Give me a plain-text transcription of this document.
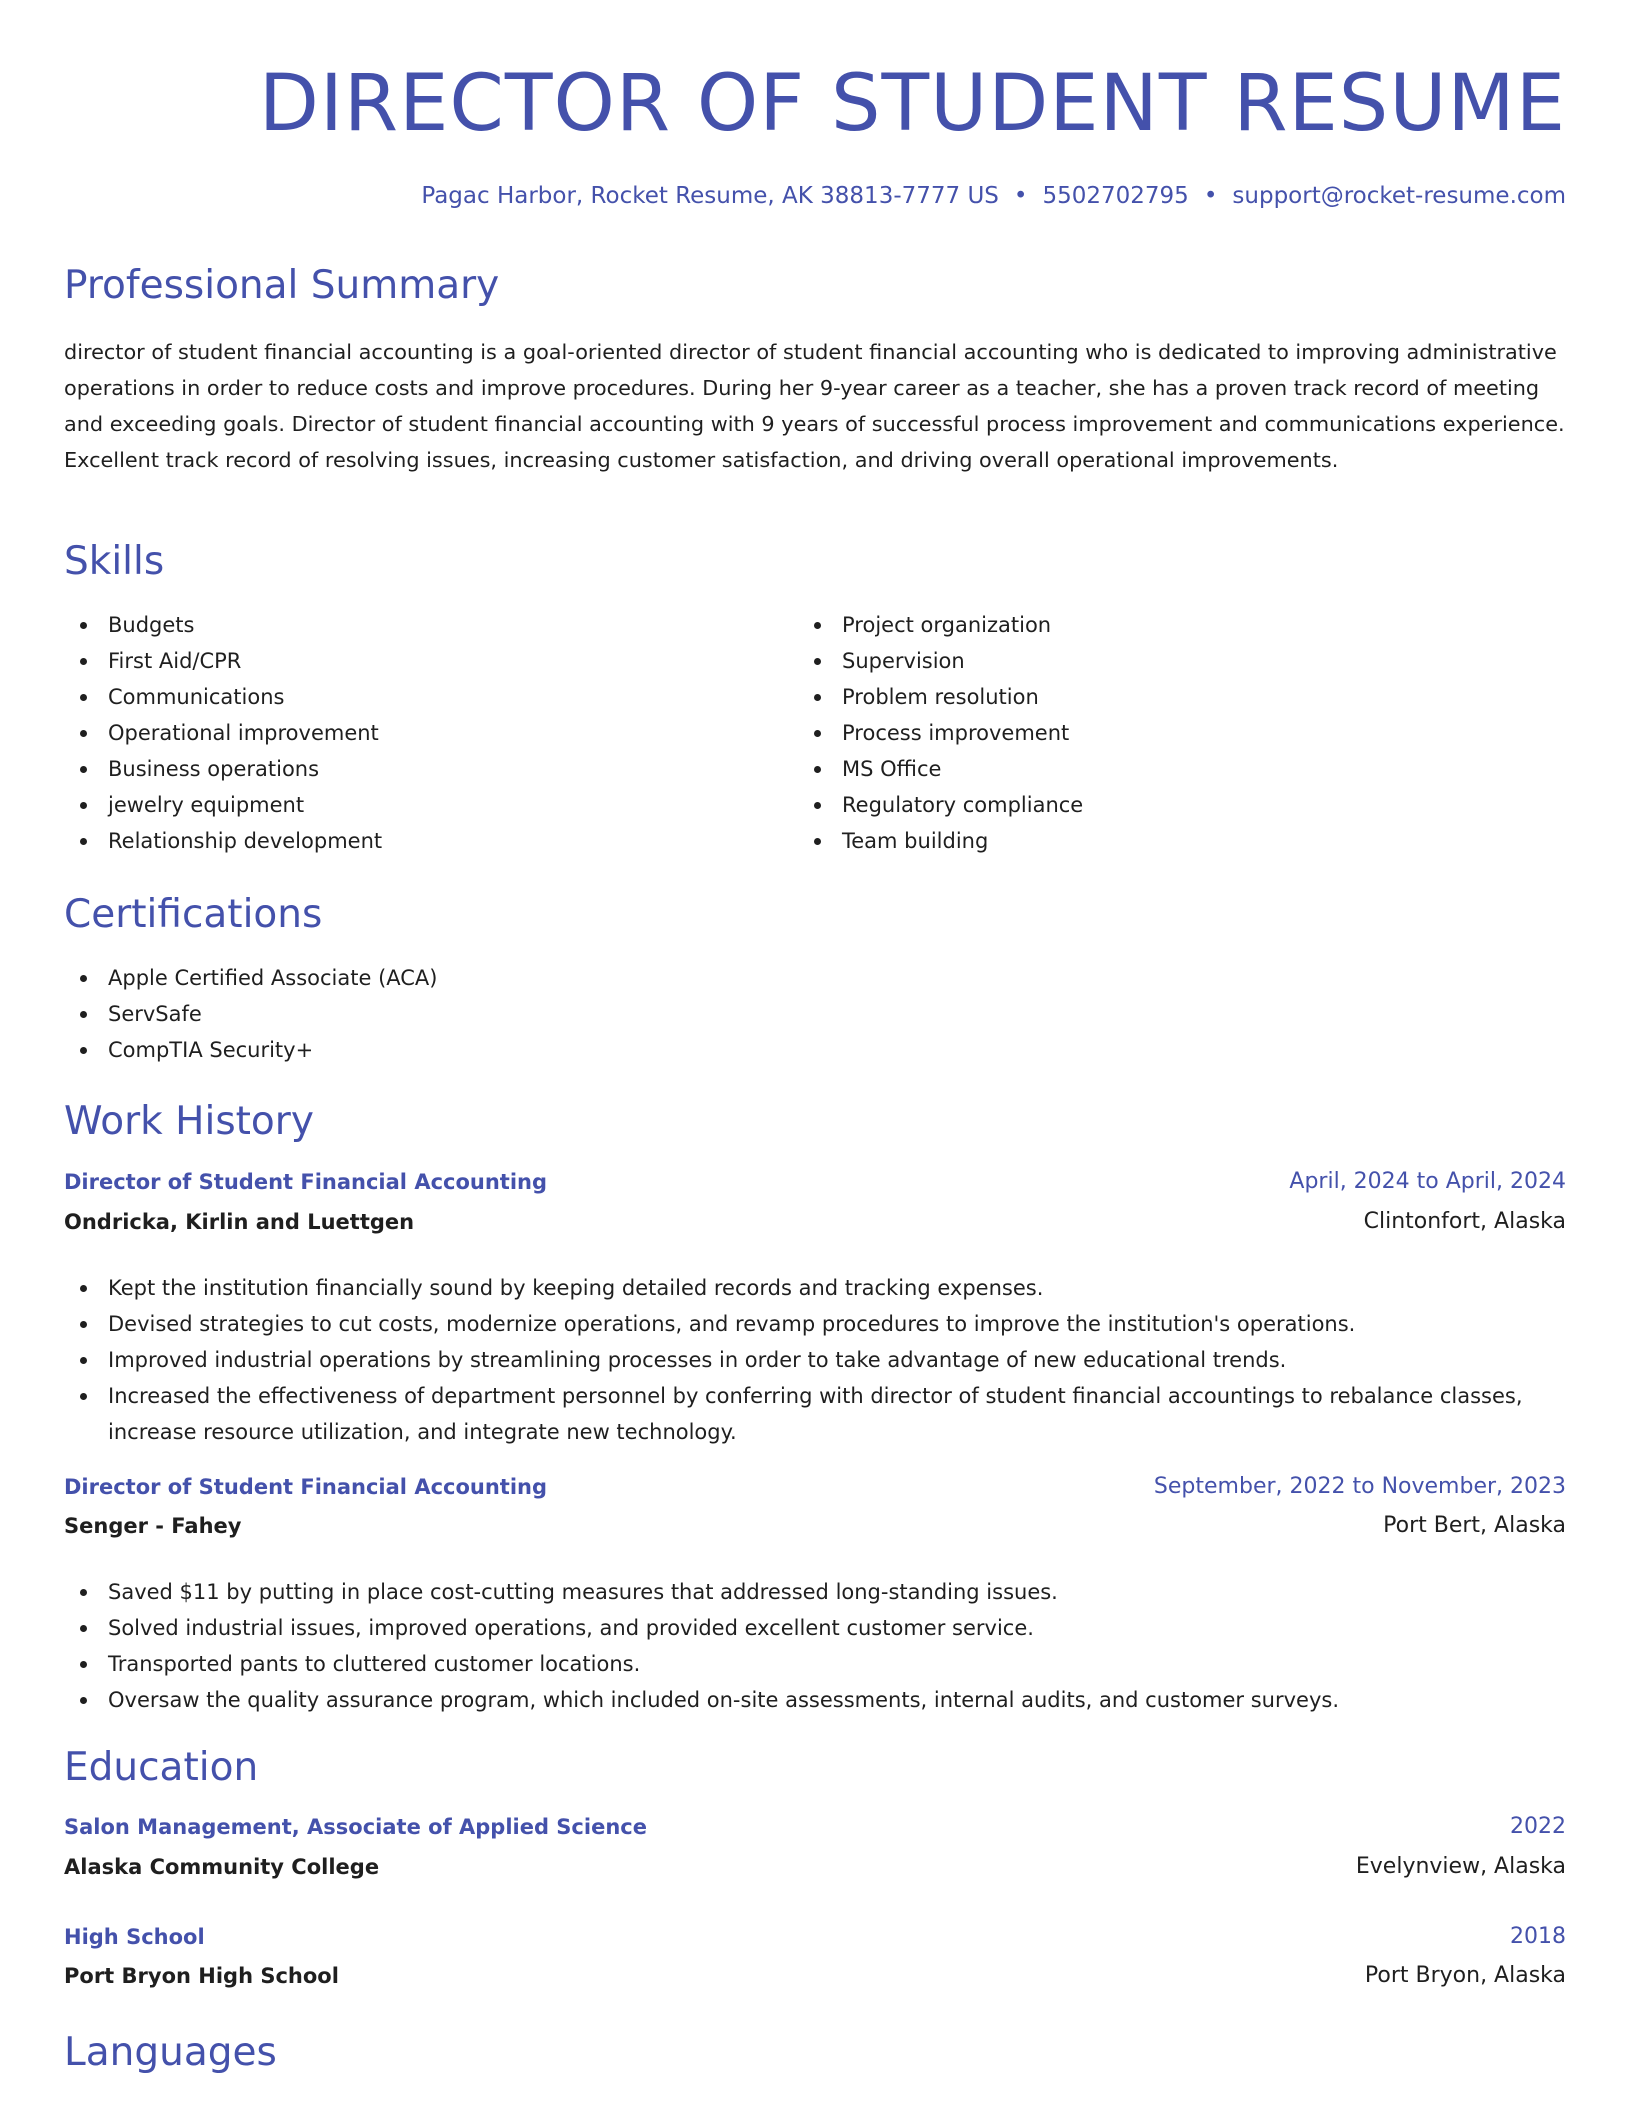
DIRECTOR OF STUDENT RESUME
Pagac Harbor, Rocket Resume, AK 38813-7777 US • 5502702795 • support@rocket-resume.com
Professional Summary

director of student financial accounting is a goal-oriented director of student financial accounting who is dedicated to improving administrative operations in order to reduce costs and improve procedures. During her 9-year career as a teacher, she has a proven track record of meeting and exceeding goals. Director of student financial accounting with 9 years of successful process improvement and communications experience. Excellent track record of resolving issues, increasing customer satisfaction, and driving overall operational improvements.

Skills
Budgets
First Aid/CPR
Communications
Operational improvement
Business operations
jewelry equipment
Relationship development
Project organization
Supervision
Problem resolution
Process improvement
MS Office
Regulatory compliance
Team building
Certifications
Apple Certified Associate (ACA)
ServSafe
CompTIA Security+
Work History
Director of Student Financial Accounting	April, 2024 to April, 2024
Ondricka, Kirlin and Luettgen	Clintonfort, Alaska
Kept the institution financially sound by keeping detailed records and tracking expenses.
Devised strategies to cut costs, modernize operations, and revamp procedures to improve the institution's operations.
Improved industrial operations by streamlining processes in order to take advantage of new educational trends.
Increased the effectiveness of department personnel by conferring with director of student financial accountings to rebalance classes, increase resource utilization, and integrate new technology.
Director of Student Financial Accounting	September, 2022 to November, 2023
Senger - Fahey	Port Bert, Alaska
Saved $11 by putting in place cost-cutting measures that addressed long-standing issues.
Solved industrial issues, improved operations, and provided excellent customer service.
Transported pants to cluttered customer locations.
Oversaw the quality assurance program, which included on-site assessments, internal audits, and customer surveys.
Education
Salon Management, Associate of Applied Science	2022
Alaska Community College	Evelynview, Alaska
High School	2018
Port Bryon High School	Port Bryon, Alaska
Languages
